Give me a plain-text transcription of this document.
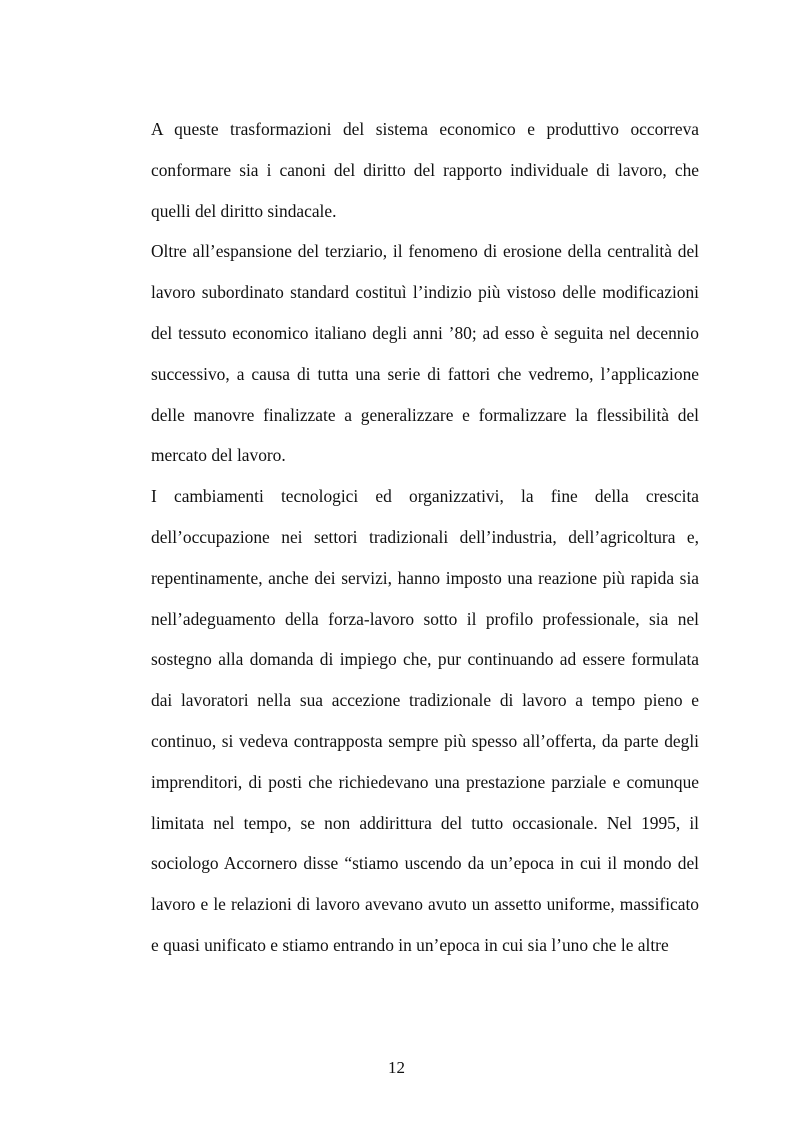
A queste trasformazioni del sistema economico e produttivo occorreva conformare sia i canoni del diritto del rapporto individuale di lavoro, che quelli del diritto sindacale.

Oltre all’espansione del terziario, il fenomeno di erosione della centralità del lavoro subordinato standard costituì l’indizio più vistoso delle modificazioni del tessuto economico italiano degli anni ’80; ad esso è seguita nel decennio successivo, a causa di tutta una serie di fattori che vedremo, l’applicazione delle manovre finalizzate a generalizzare e formalizzare la flessibilità del mercato del lavoro.

I cambiamenti tecnologici ed organizzativi, la fine della crescita dell’occupazione nei settori tradizionali dell’industria, dell’agricoltura e, repentinamente, anche dei servizi, hanno imposto una reazione più rapida sia nell’adeguamento della forza-lavoro sotto il profilo professionale, sia nel sostegno alla domanda di impiego che, pur continuando ad essere formulata dai lavoratori nella sua accezione tradizionale di lavoro a tempo pieno e continuo, si vedeva contrapposta sempre più spesso all’offerta, da parte degli imprenditori, di posti che richiedevano una prestazione parziale e comunque limitata nel tempo, se non addirittura del tutto occasionale. Nel 1995, il sociologo Accornero disse “stiamo uscendo da un’epoca in cui il mondo del lavoro e le relazioni di lavoro avevano avuto un assetto uniforme, massificato e quasi unificato e stiamo entrando in un’epoca in cui sia l’uno che le altre

12
